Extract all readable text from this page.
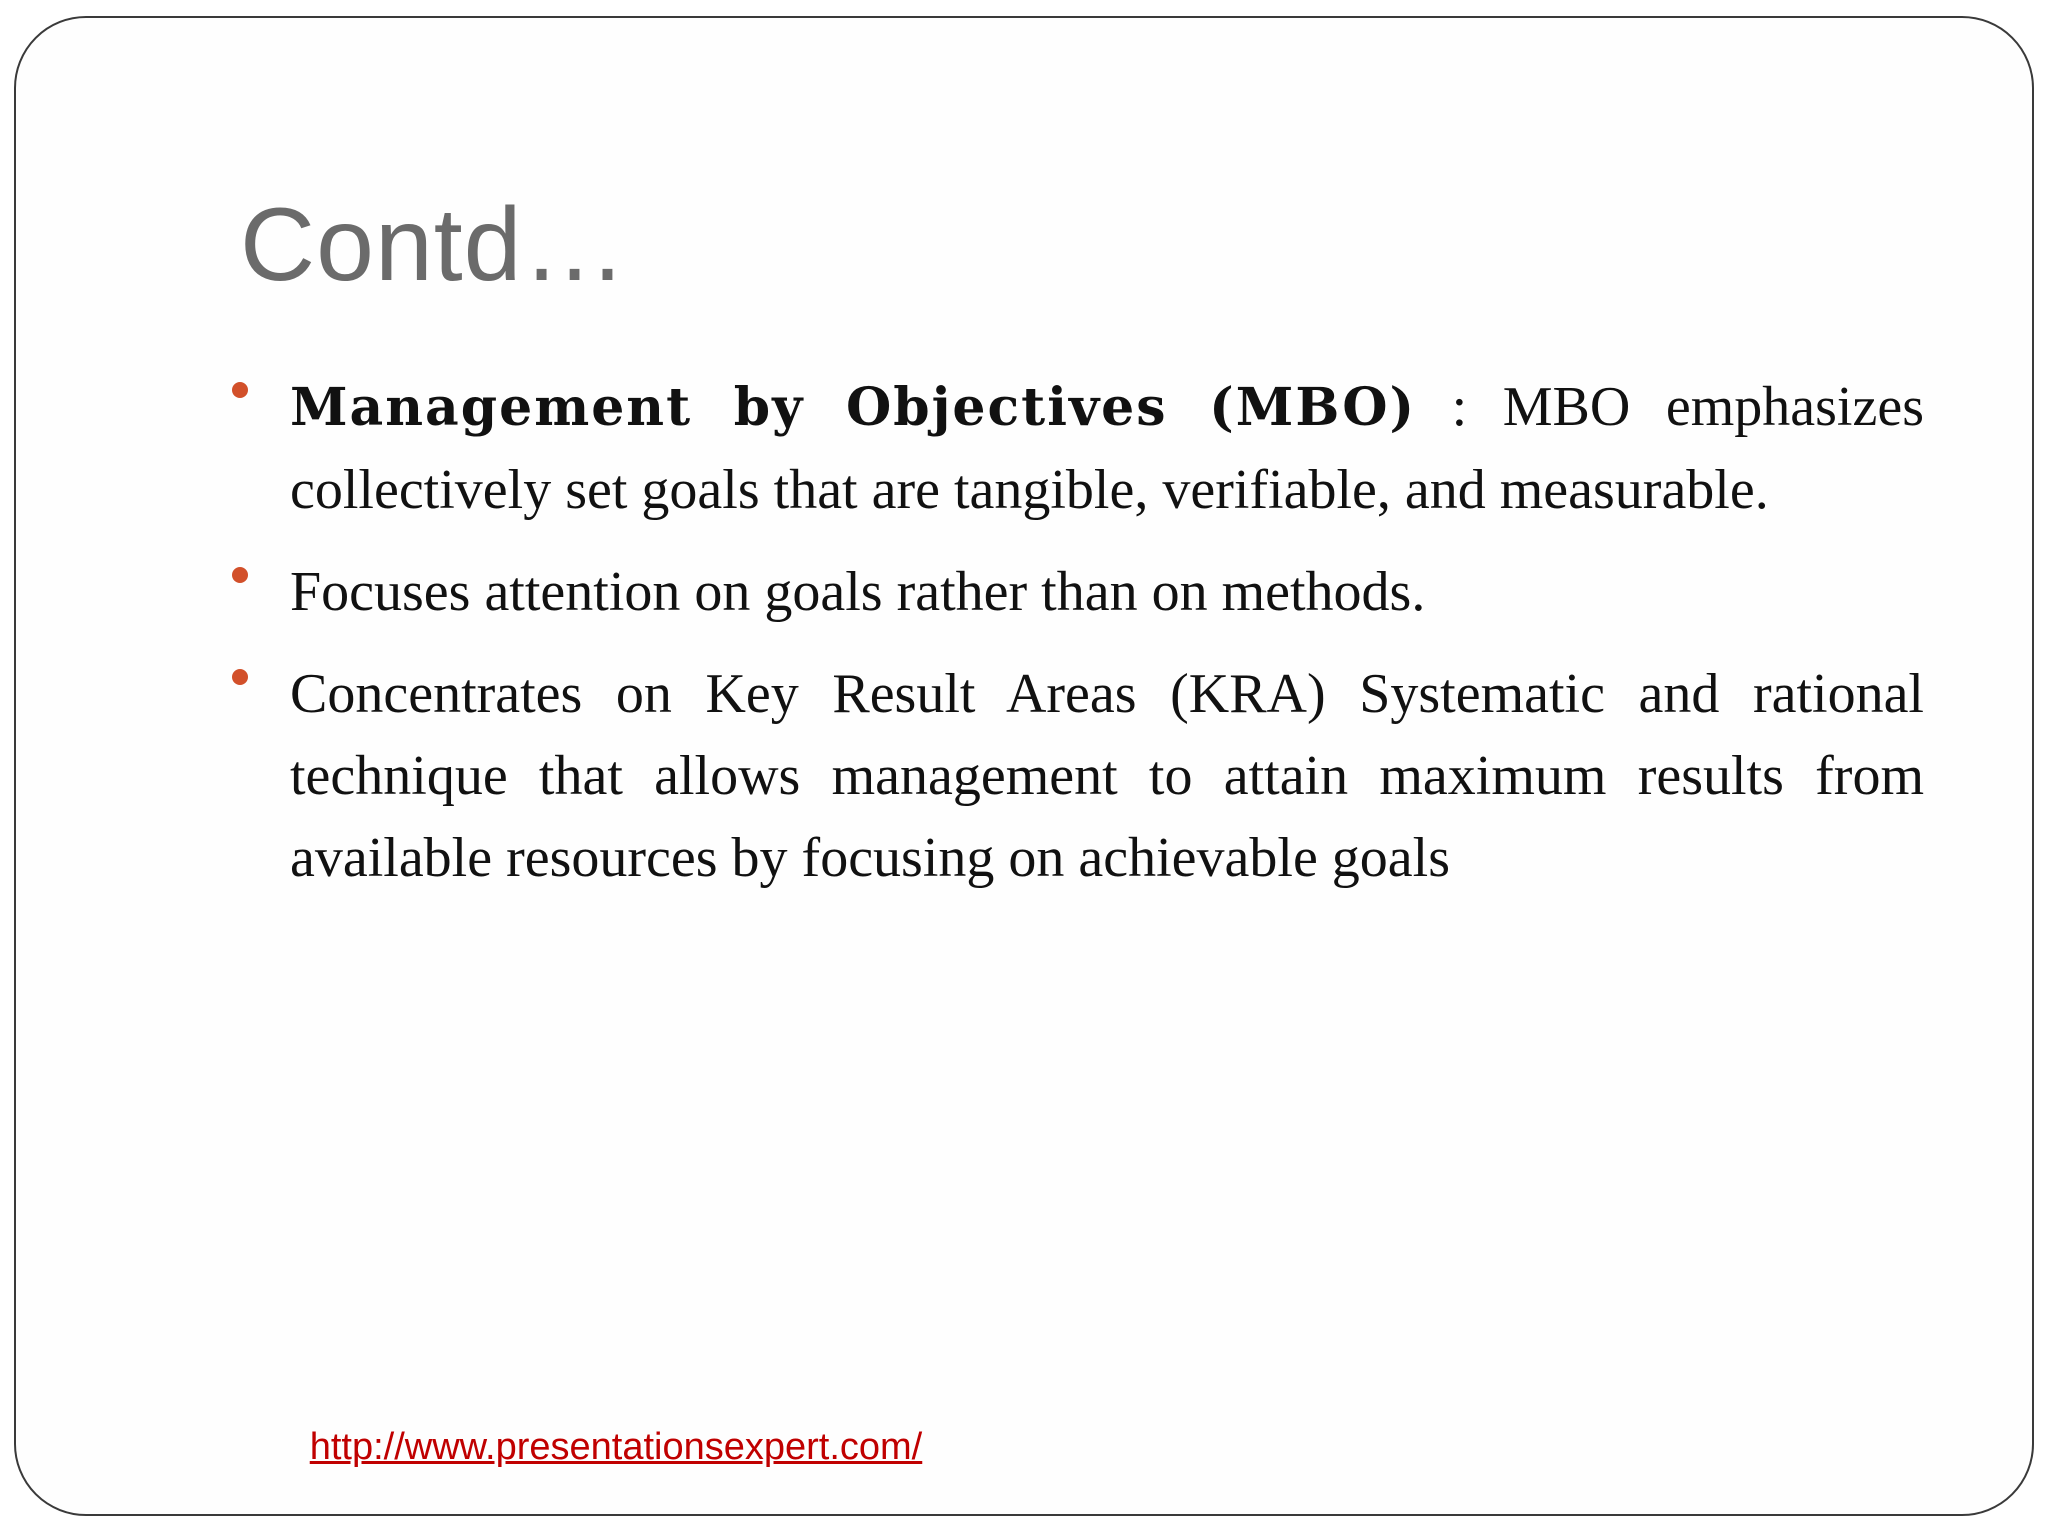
Contd…
Management by Objectives (MBO) : MBO emphasizes collectively set goals that are tangible, verifiable, and measurable.
Focuses attention on goals rather than on methods.
Concentrates on Key Result Areas (KRA) Systematic and rational technique that allows management to attain maximum results from available resources by focusing on achievable goals
http://www.presentationsexpert.com/
